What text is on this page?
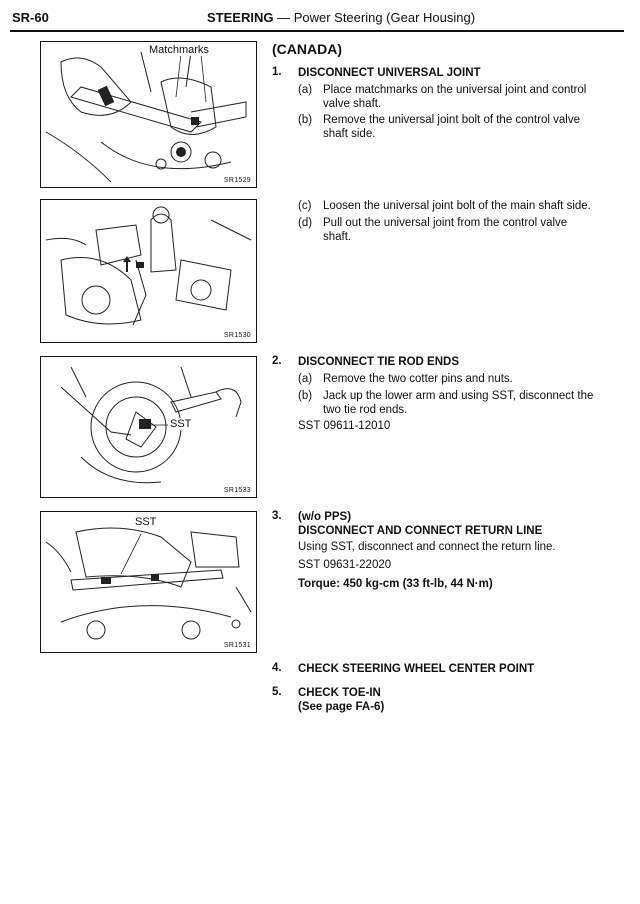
SR-60	STEERING — Power Steering (Gear Housing)
Matchmarks
SR1529
SR1530
SST
SR1533
SST
SR1531
(CANADA)
1. DISCONNECT UNIVERSAL JOINT
(a) Place matchmarks on the universal joint and control valve shaft.
(b) Remove the universal joint bolt of the control valve shaft side.
(c) Loosen the universal joint bolt of the main shaft side.
(d) Pull out the universal joint from the control valve shaft.
2. DISCONNECT TIE ROD ENDS
(a) Remove the two cotter pins and nuts.
(b) Jack up the lower arm and using SST, disconnect the two tie rod ends.
SST 09611-12010
3. (w/o PPS)
DISCONNECT AND CONNECT RETURN LINE
Using SST, disconnect and connect the return line.
SST 09631-22020
Torque: 450 kg-cm (33 ft-lb, 44 N·m)
4. CHECK STEERING WHEEL CENTER POINT
5. CHECK TOE-IN
(See page FA-6)
